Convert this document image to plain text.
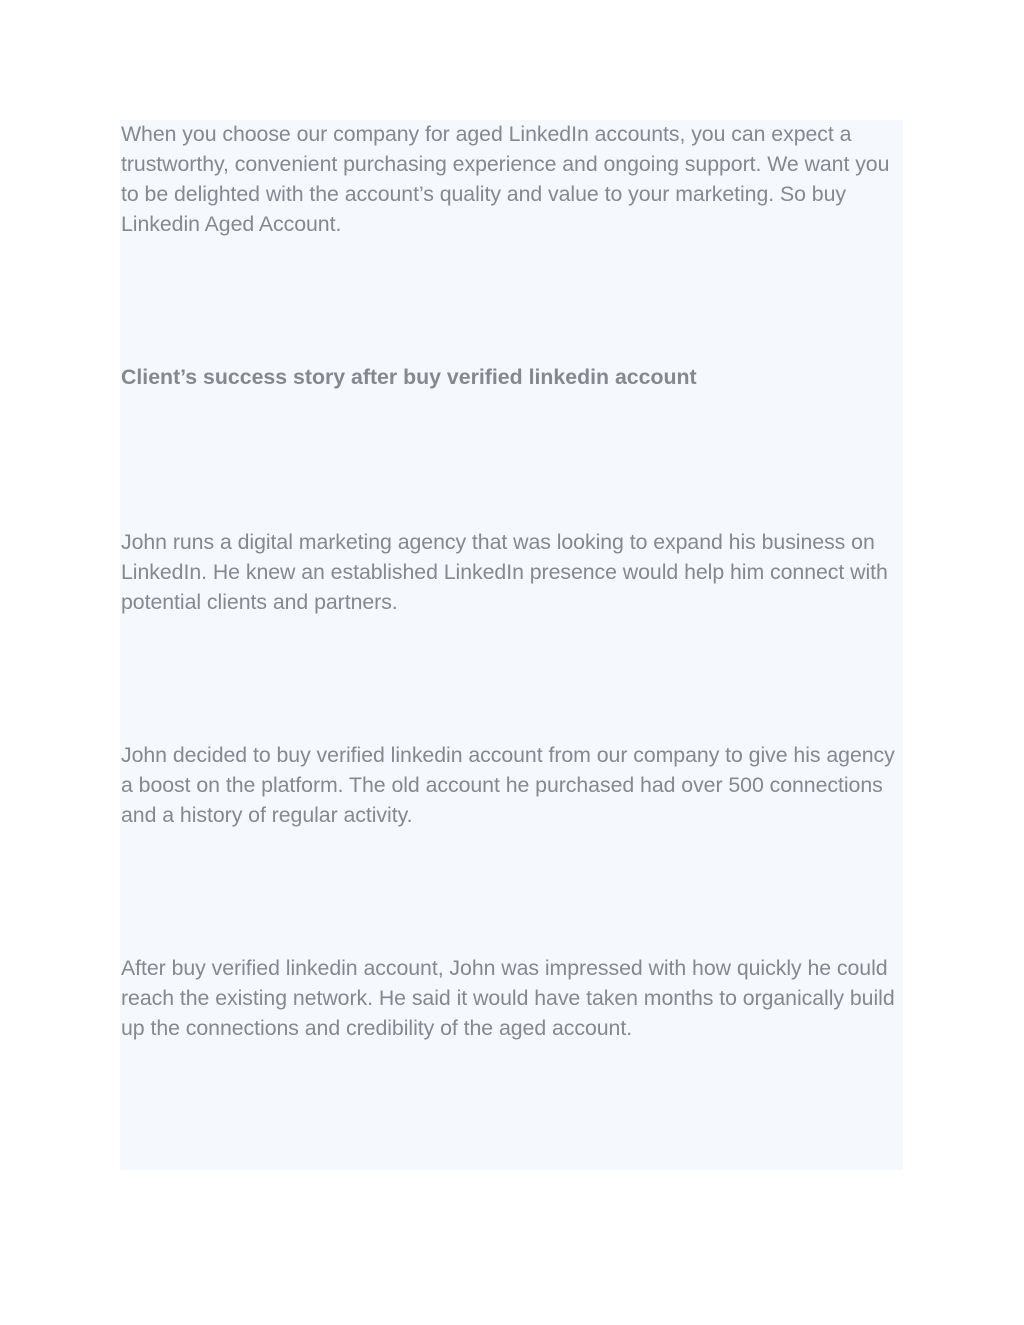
When you choose our company for aged LinkedIn accounts, you can expect a trustworthy, convenient purchasing experience and ongoing support. We want you to be delighted with the account’s quality and value to your marketing. So buy Linkedin Aged Account.

Client’s success story after buy verified linkedin account

John runs a digital marketing agency that was looking to expand his business on LinkedIn. He knew an established LinkedIn presence would help him connect with potential clients and partners.

John decided to buy verified linkedin account from our company to give his agency a boost on the platform. The old account he purchased had over 500 connections and a history of regular activity.

After buy verified linkedin account, John was impressed with how quickly he could reach the existing network. He said it would have taken months to organically build up the connections and credibility of the aged account.
